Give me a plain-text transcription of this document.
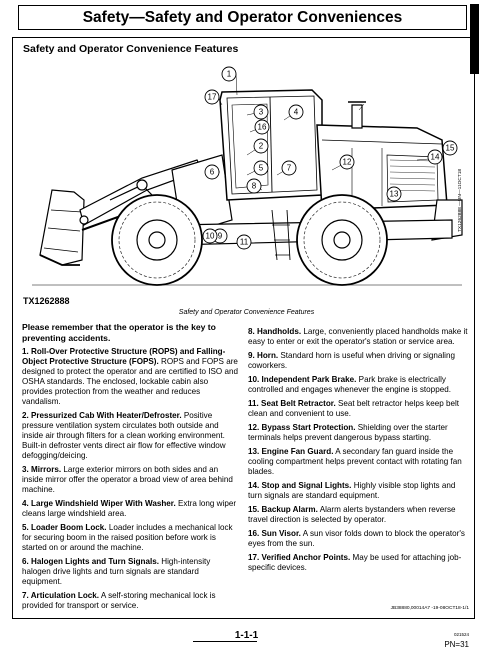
Safety—Safety and Operator Conveniences
Safety and Operator Convenience Features
1
2
3	4
5
6	7
8
9
10
11
12
13
14
15
16
17
TX1262888 —UN—11OCT18
TX1262888
Safety and Operator Convenience Features
Please remember that the operator is the key to preventing accidents.
1. Roll-Over Protective Structure (ROPS) and Falling-Object Protective Structure (FOPS). ROPS and FOPS are designed to protect the operator and are certified to ISO and OSHA standards. The enclosed, lockable cabin also provides protection from the weather and reduces vandalism.
2. Pressurized Cab With Heater/Defroster. Positive pressure ventilation system circulates both outside and inside air through filters for a clean working environment. Built-in defroster vents direct air flow for effective window defogging/deicing.
3. Mirrors. Large exterior mirrors on both sides and an inside mirror offer the operator a broad view of area behind machine.
4. Large Windshield Wiper With Washer. Extra long wiper cleans large windshield area.
5. Loader Boom Lock. Loader includes a mechanical lock for securing boom in the raised position before work is started on or around the machine.
6. Halogen Lights and Turn Signals. High-intensity halogen drive lights and turn signals are standard equipment.
7. Articulation Lock. A self-storing mechanical lock is provided for transport or service.
8. Handholds. Large, conveniently placed handholds make it easy to enter or exit the operator's station or service area.
9. Horn. Standard horn is useful when driving or signaling coworkers.
10. Independent Park Brake. Park brake is electrically controlled and engages whenever the engine is stopped.
11. Seat Belt Retractor. Seat belt retractor helps keep belt clean and convenient to use.
12. Bypass Start Protection. Shielding over the starter terminals helps prevent dangerous bypass starting.
13. Engine Fan Guard. A secondary fan guard inside the cooling compartment helps prevent contact with rotating fan blades.
14. Stop and Signal Lights. Highly visible stop lights and turn signals are standard equipment.
15. Backup Alarm. Alarm alerts bystanders when reverse travel direction is selected by operator.
16. Sun Visor. A sun visor folds down to block the operator's eyes from the sun.
17. Verified Anchor Points. May be used for attaching job-specific devices.
JB38880,00014A7 -19-08OCT18-1/1
1-1-1	021524
PN=31
